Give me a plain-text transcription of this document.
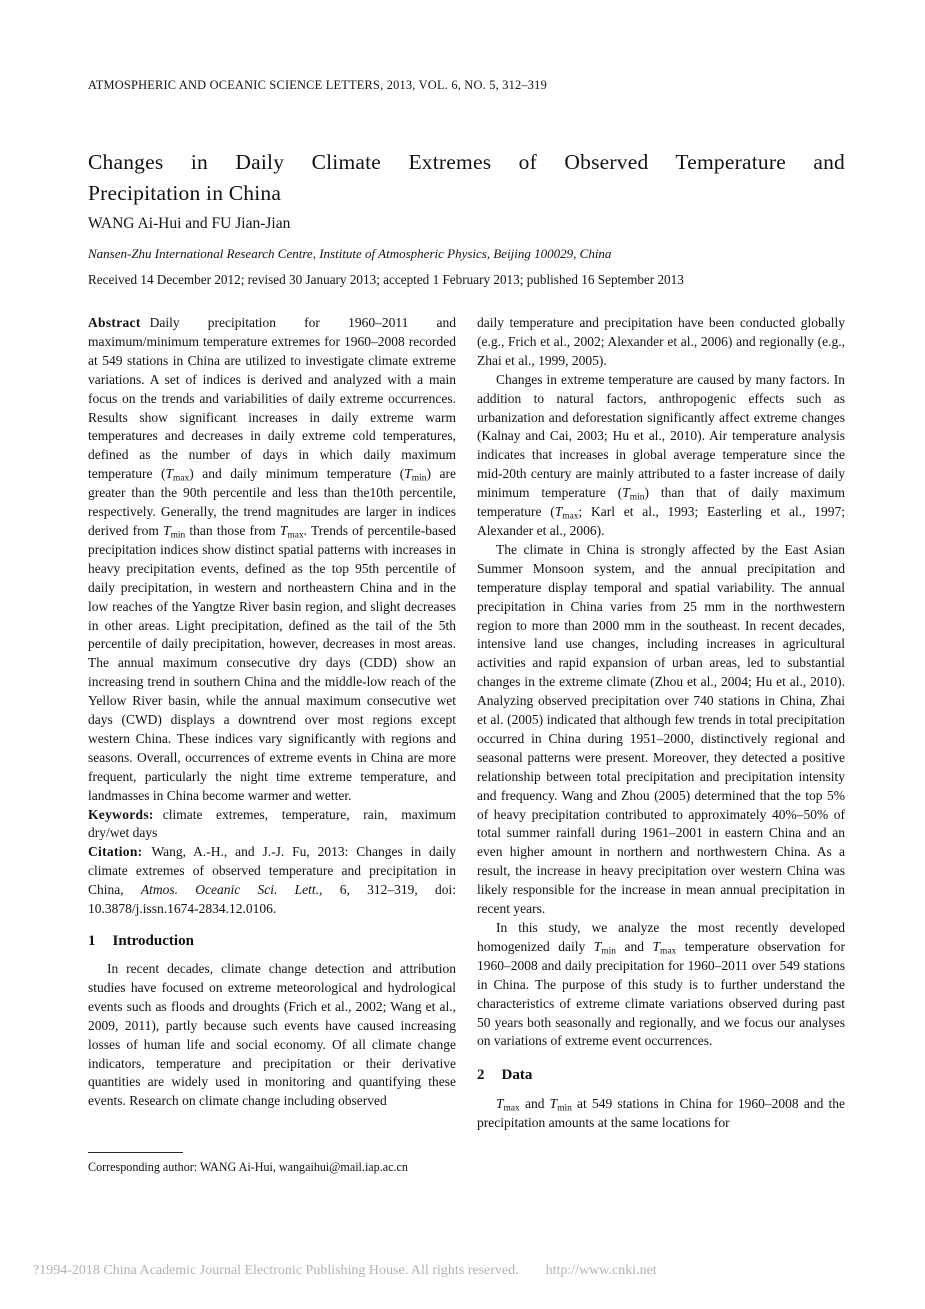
ATMOSPHERIC AND OCEANIC SCIENCE LETTERS, 2013, VOL. 6, NO. 5, 312–319
Changes in Daily Climate Extremes of Observed Temperature and
Precipitation in China
WANG Ai-Hui and FU Jian-Jian
Nansen-Zhu International Research Centre, Institute of Atmospheric Physics, Beijing 100029, China
Received 14 December 2012; revised 30 January 2013; accepted 1 February 2013; published 16 September 2013

Abstract Daily precipitation for 1960–2011 and maximum/minimum temperature extremes for 1960–2008 recorded at 549 stations in China are utilized to investigate climate extreme variations. A set of indices is derived and analyzed with a main focus on the trends and variabilities of daily extreme occurrences. Results show significant increases in daily extreme warm temperatures and decreases in daily extreme cold temperatures, defined as the number of days in which daily maximum temperature $(T_{max})$ and daily minimum temperature $(T_{min})$ are greater than the 90th percentile and less than the10th percentile, respectively. Generally, the trend magnitudes are larger in indices derived from $T_{min}$ than those from $T_{max}$. Trends of percentile-based precipitation indices show distinct spatial patterns with increases in heavy precipitation events, defined as the top 95th percentile of daily precipitation, in western and northeastern China and in the low reaches of the Yangtze River basin region, and slight decreases in other areas. Light precipitation, defined as the tail of the 5th percentile of daily precipitation, however, decreases in most areas. The annual maximum consecutive dry days (CDD) show an increasing trend in southern China and the middle-low reach of the Yellow River basin, while the annual maximum consecutive wet days (CWD) displays a downtrend over most regions except western China. These indices vary significantly with regions and seasons. Overall, occurrences of extreme events in China are more frequent, particularly the night time extreme temperature, and landmasses in China become warmer and wetter.

Keywords: climate extremes, temperature, rain, maximum dry/wet days

Citation: Wang, A.-H., and J.-J. Fu, 2013: Changes in daily climate extremes of observed temperature and precipitation in China, Atmos. Oceanic Sci. Lett., 6, 312–319, doi: 10.3878/j.issn.1674-2834.12.0106.

1 Introduction

In recent decades, climate change detection and attribution studies have focused on extreme meteorological and hydrological events such as floods and droughts (Frich et al., 2002; Wang et al., 2009, 2011), partly because such events have caused increasing losses of human life and social economy. Of all climate change indicators, temperature and precipitation or their derivative quantities are widely used in monitoring and quantifying these events. Research on climate change including observed

daily temperature and precipitation have been conducted globally (e.g., Frich et al., 2002; Alexander et al., 2006) and regionally (e.g., Zhai et al., 1999, 2005).

Changes in extreme temperature are caused by many factors. In addition to natural factors, anthropogenic effects such as urbanization and deforestation significantly affect extreme changes (Kalnay and Cai, 2003; Hu et al., 2010). Air temperature analysis indicates that increases in global average temperature since the mid-20th century are mainly attributed to a faster increase of daily minimum temperature $(T_{min})$ than that of daily maximum temperature ($T_{max}$; Karl et al., 1993; Easterling et al., 1997; Alexander et al., 2006).

The climate in China is strongly affected by the East Asian Summer Monsoon system, and the annual precipitation and temperature display temporal and spatial variability. The annual precipitation in China varies from 25 mm in the northwestern region to more than 2000 mm in the southeast. In recent decades, intensive land use changes, including increases in agricultural activities and rapid expansion of urban areas, led to substantial changes in the extreme climate (Zhou et al., 2004; Hu et al., 2010). Analyzing observed precipitation over 740 stations in China, Zhai et al. (2005) indicated that although few trends in total precipitation occurred in China during 1951–2000, distinctively regional and seasonal patterns were present. Moreover, they detected a positive relationship between total precipitation and precipitation intensity and frequency. Wang and Zhou (2005) determined that the top 5% of heavy precipitation contributed to approximately 40%–50% of total summer rainfall during 1961–2001 in eastern China and an even higher amount in northern and northwestern China. As a result, the increase in heavy precipitation over western China was likely responsible for the increase in mean annual precipitation in recent years.

In this study, we analyze the most recently developed homogenized daily $T_{min}$ and $T_{max}$ temperature observation for 1960–2008 and daily precipitation for 1960–2011 over 549 stations in China. The purpose of this study is to further understand the characteristics of extreme climate variations observed during past 50 years both seasonally and regionally, and we focus our analyses on variations of extreme event occurrences.

2 Data

$T_{max}$ and $T_{min}$ at 549 stations in China for 1960–2008 and the precipitation amounts at the same locations for

Corresponding author: WANG Ai-Hui, wangaihui@mail.iap.ac.cn
?1994-2018 China Academic Journal Electronic Publishing House. All rights reserved. http://www.cnki.net
